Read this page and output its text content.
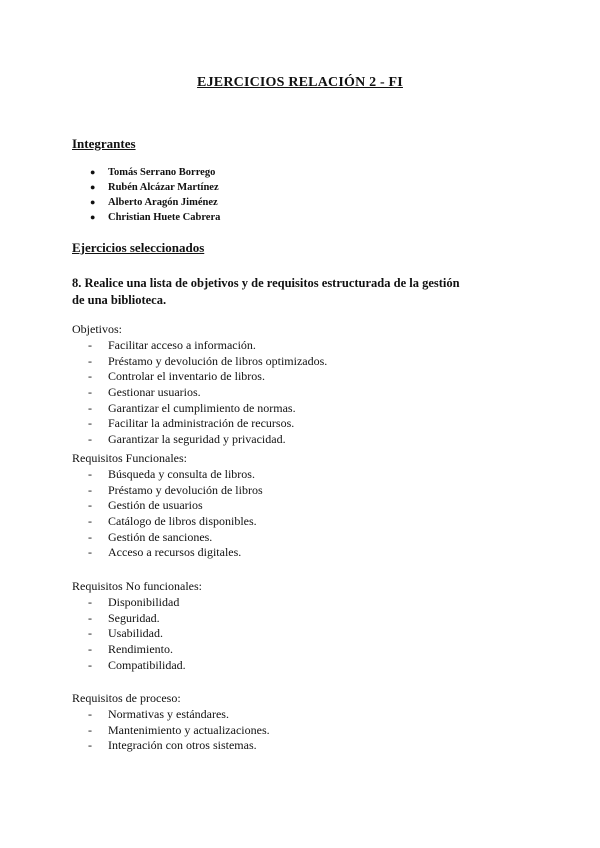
EJERCICIOS RELACIÓN 2 - FI
Integrantes
● Tomás Serrano Borrego
● Rubén Alcázar Martínez
● Alberto Aragón Jiménez
● Christian Huete Cabrera
Ejercicios seleccionados
8. Realice una lista de objetivos y de requisitos estructurada de la gestión
de una biblioteca.
Objetivos:
- Facilitar acceso a información.
- Préstamo y devolución de libros optimizados.
- Controlar el inventario de libros.
- Gestionar usuarios.
- Garantizar el cumplimiento de normas.
- Facilitar la administración de recursos.
- Garantizar la seguridad y privacidad.
Requisitos Funcionales:
- Búsqueda y consulta de libros.
- Préstamo y devolución de libros
- Gestión de usuarios
- Catálogo de libros disponibles.
- Gestión de sanciones.
- Acceso a recursos digitales.
Requisitos No funcionales:
- Disponibilidad
- Seguridad.
- Usabilidad.
- Rendimiento.
- Compatibilidad.
Requisitos de proceso:
- Normativas y estándares.
- Mantenimiento y actualizaciones.
- Integración con otros sistemas.
